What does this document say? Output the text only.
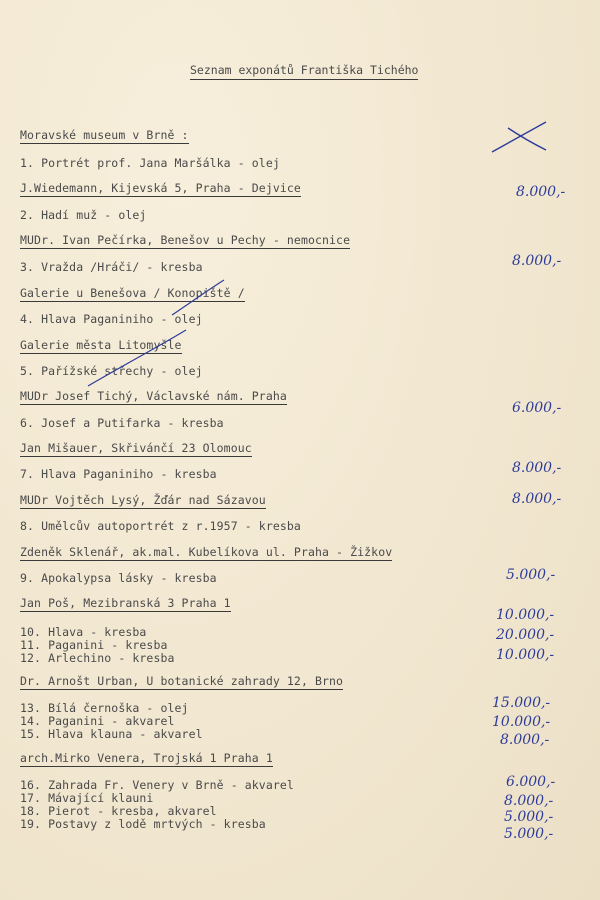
Seznam exponátů Františka Tichého
Moravské museum v Brně :
1. Portrét prof. Jana Maršálka - olej
J.Wiedemann, Kijevská 5, Praha - Dejvice
2. Hadí muž - olej
MUDr. Ivan Pečírka, Benešov u Pechy - nemocnice
3. Vražda /Hráči/ - kresba
Galerie u Benešova / Konopiště /
4. Hlava Paganiniho - olej
Galerie města Litomyšle
5. Pařížské střechy - olej
MUDr Josef Tichý, Václavské nám. Praha
6. Josef a Putifarka - kresba
Jan Mišauer, Skřivánčí 23 Olomouc
7. Hlava Paganiniho - kresba
MUDr Vojtěch Lysý, Žďár nad Sázavou
8. Umělcův autoportrét z r.1957 - kresba
Zdeněk Sklenář, ak.mal. Kubelíkova ul. Praha - Žižkov
9. Apokalypsa lásky - kresba
Jan Poš, Mezibranská 3 Praha 1
10. Hlava - kresba
11. Paganini - kresba
12. Arlechino - kresba
Dr. Arnošt Urban, U botanické zahrady 12, Brno
13. Bílá černoška - olej
14. Paganini - akvarel
15. Hlava klauna - akvarel
arch.Mirko Venera, Trojská 1 Praha 1
16. Zahrada Fr. Venery v Brně - akvarel
17. Mávající klauni
18. Pierot - kresba, akvarel
19. Postavy z lodě mrtvých - kresba
8.000,-
8.000,-
6.000,-
8.000,-
8.000,-
5.000,-
10.000,-
20.000,-
10.000,-
15.000,-
10.000,-
8.000,-
6.000,-
8.000,-
5.000,-
5.000,-
